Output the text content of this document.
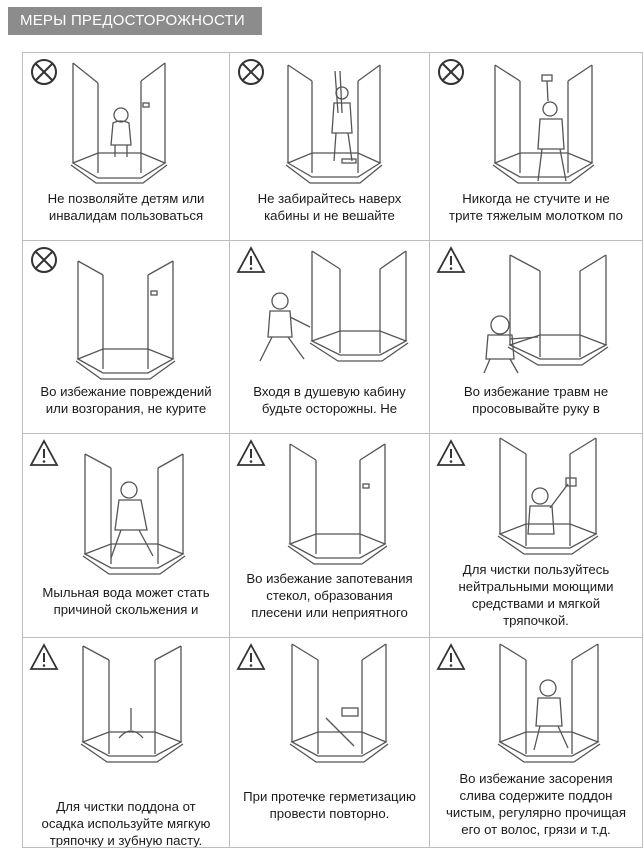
МЕРЫ ПРЕДОСТОРОЖНОСТИ
Не позволяйте детям или
инвалидам пользоваться
Не забирайтесь наверх
кабины и не вешайте
Никогда не стучите и не
трите тяжелым молотком по
Во избежание повреждений
или возгорания, не курите
Входя в душевую кабину
будьте осторожны. Не
Во избежание травм не
просовывайте руку в
Мыльная вода может стать
причиной скольжения и
Во избежание запотевания
стекол, образования
плесени или неприятного
Для чистки пользуйтесь
нейтральными моющими
средствами и мягкой
тряпочкой.
Для чистки поддона от
осадка используйте мягкую
тряпочку и зубную пасту.
При протечке герметизацию
провести повторно.
Во избежание засорения
слива содержите поддон
чистым, регулярно прочищая
его от волос, грязи и т.д.
